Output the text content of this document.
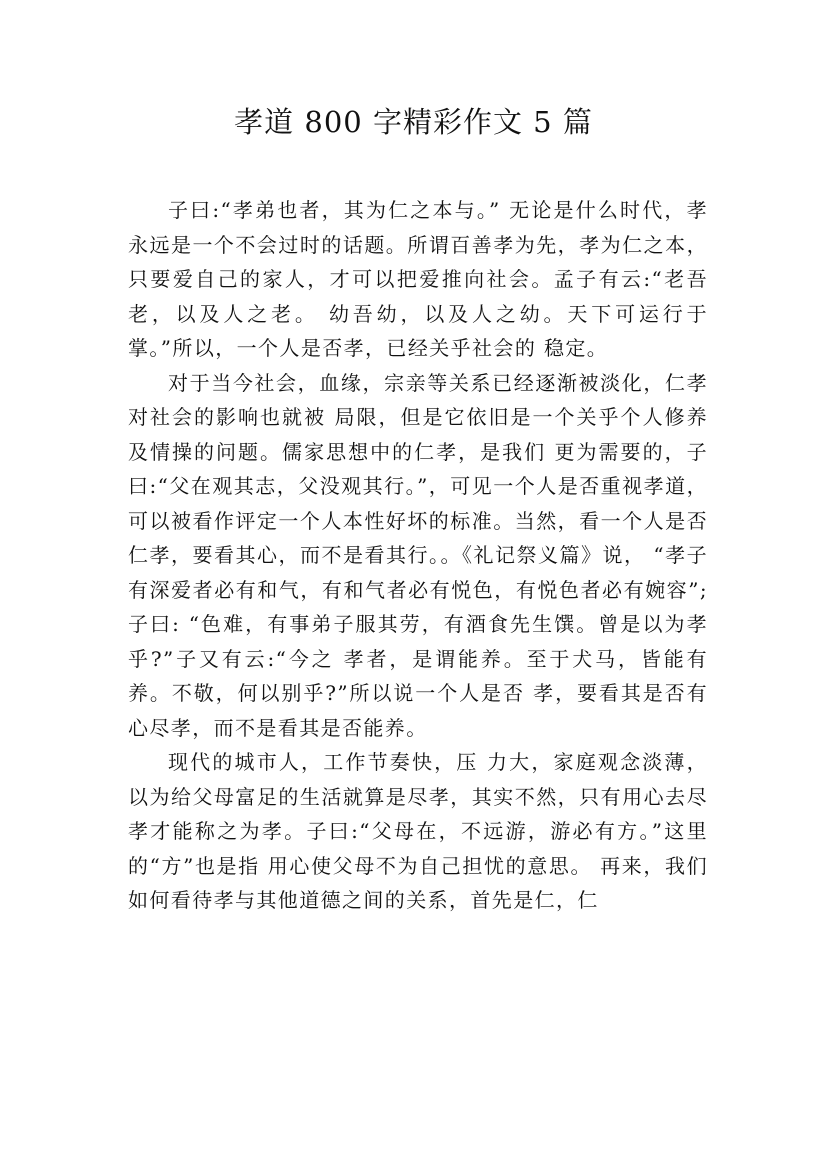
孝道 800 字精彩作文 5 篇

子曰:“孝弟也者，其为仁之本与。” 无论是什么时代，孝永远是一个不会过时的话题。所谓百善孝为先，孝为仁之本，只要爱自己的家人，才可以把爱推向社会。孟子有云:“老吾老，以及人之老。 幼吾幼，以及人之幼。天下可运行于掌。”所以，一个人是否孝，已经关乎社会的 稳定。

对于当今社会，血缘，宗亲等关系已经逐渐被淡化，仁孝对社会的影响也就被 局限，但是它依旧是一个关乎个人修养及情操的问题。儒家思想中的仁孝，是我们 更为需要的，子曰:“父在观其志，父没观其行。”，可见一个人是否重视孝道， 可以被看作评定一个人本性好坏的标准。当然，看一个人是否仁孝，要看其心，而不是看其行。。《礼记祭义篇》说， “孝子有深爱者必有和气，有和气者必有悦色，有悦色者必有婉容”;子曰: “色难，有事弟子服其劳，有酒食先生馔。曾是以为孝乎?”子又有云:“今之 孝者，是谓能养。至于犬马，皆能有养。不敬，何以别乎?”所以说一个人是否 孝，要看其是否有心尽孝，而不是看其是否能养。

现代的城市人，工作节奏快，压 力大，家庭观念淡薄，以为给父母富足的生活就算是尽孝，其实不然，只有用心去尽孝才能称之为孝。子曰:“父母在，不远游，游必有方。”这里的“方”也是指 用心使父母不为自己担忧的意思。 再来，我们如何看待孝与其他道德之间的关系，首先是仁，仁
